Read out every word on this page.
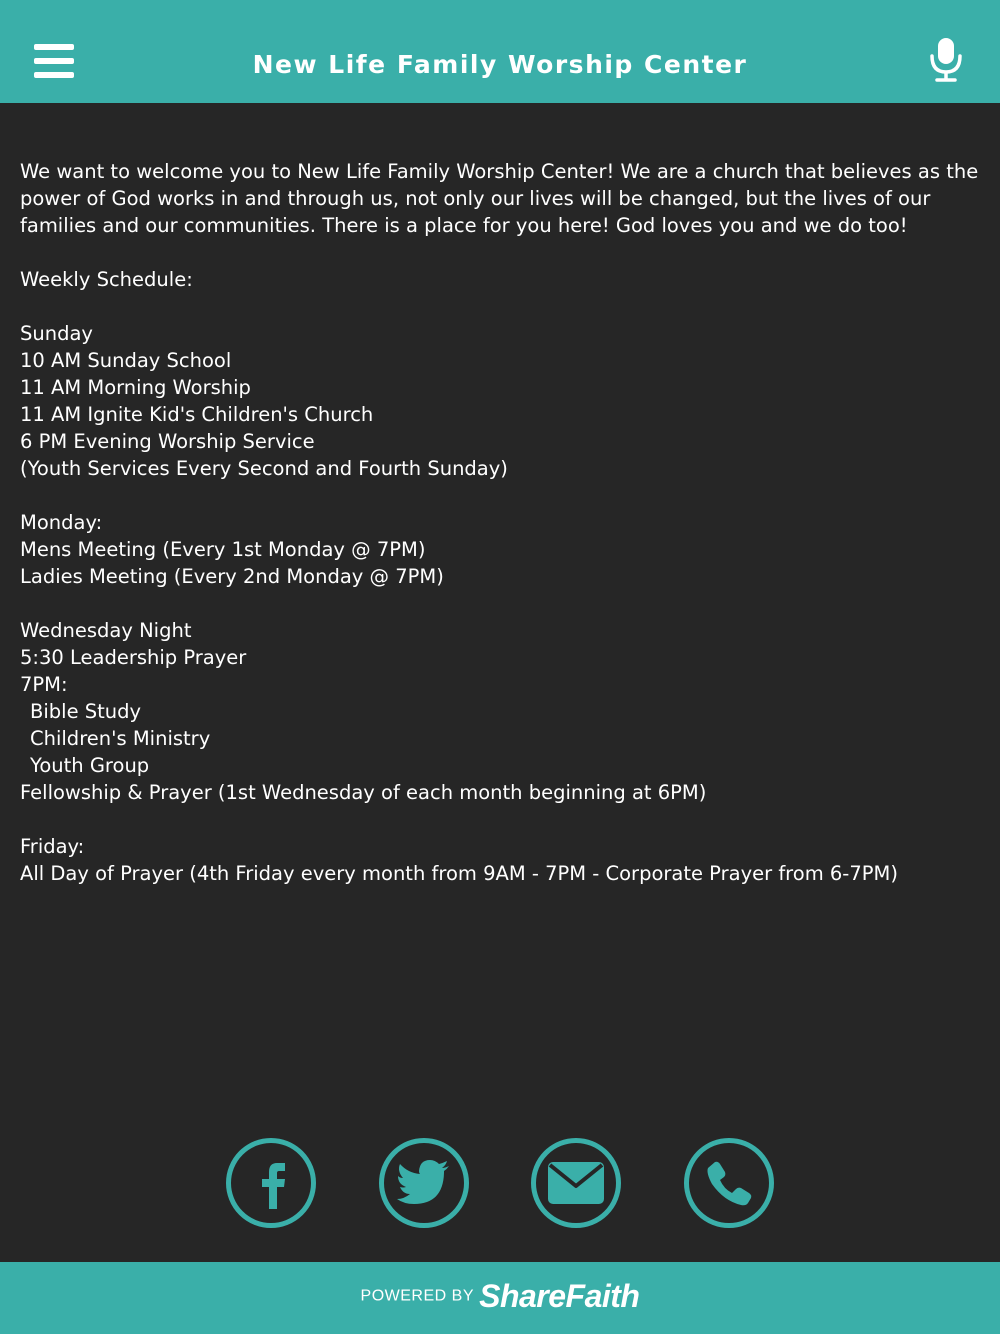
New Life Family Worship Center

We want to welcome you to New Life Family Worship Center! We are a church that believes as the power of God works in and through us, not only our lives will be changed, but the lives of our families and our communities. There is a place for you here! God loves you and we do too!

Weekly Schedule:

Sunday

10 AM Sunday School

11 AM Morning Worship

11 AM Ignite Kid's Children's Church

6 PM Evening Worship Service

(Youth Services Every Second and Fourth Sunday)

Monday:

Mens Meeting (Every 1st Monday @ 7PM)

Ladies Meeting (Every 2nd Monday @ 7PM)

Wednesday Night

5:30 Leadership Prayer

7PM:

Bible Study

Children's Ministry

Youth Group

Fellowship & Prayer (1st Wednesday of each month beginning at 6PM)

Friday:

All Day of Prayer (4th Friday every month from 9AM - 7PM - Corporate Prayer from 6-7PM)

POWERED BY ShareFaith
